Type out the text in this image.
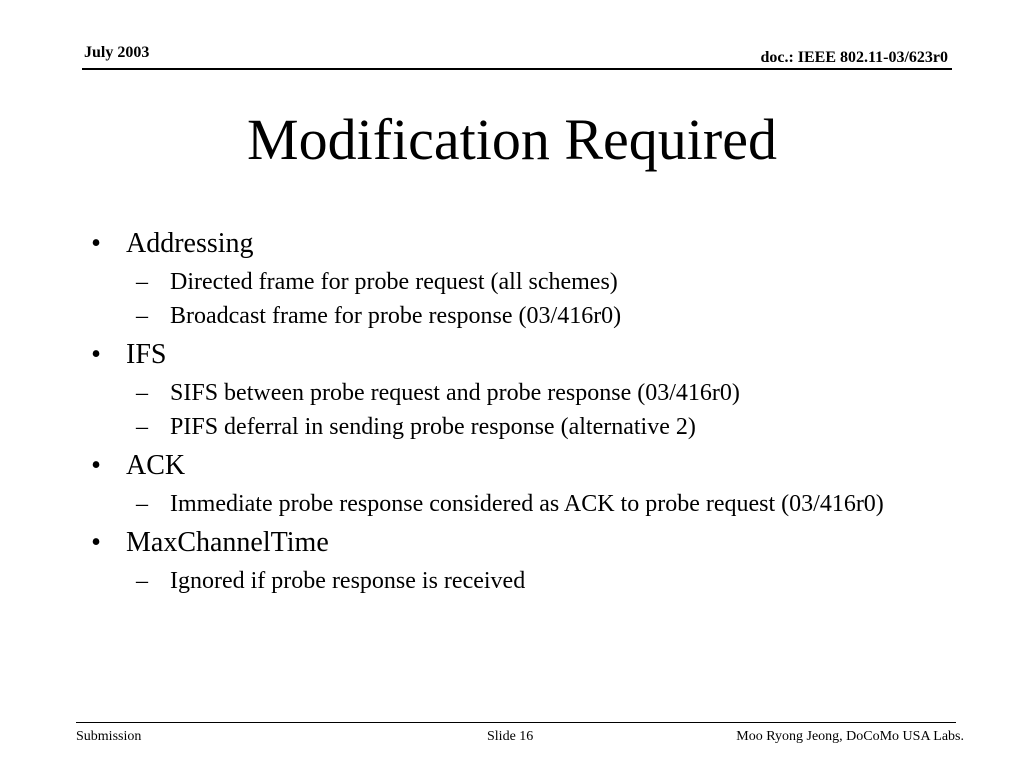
July 2003	doc.: IEEE 802.11-03/623r0
Modification Required
• Addressing
– Directed frame for probe request (all schemes)
– Broadcast frame for probe response (03/416r0)
• IFS
– SIFS between probe request and probe response (03/416r0)
– PIFS deferral in sending probe response (alternative 2)
• ACK
– Immediate probe response considered as ACK to probe request (03/416r0)
• MaxChannelTime
– Ignored if probe response is received
Submission	Slide 16	Moo Ryong Jeong, DoCoMo USA Labs.
